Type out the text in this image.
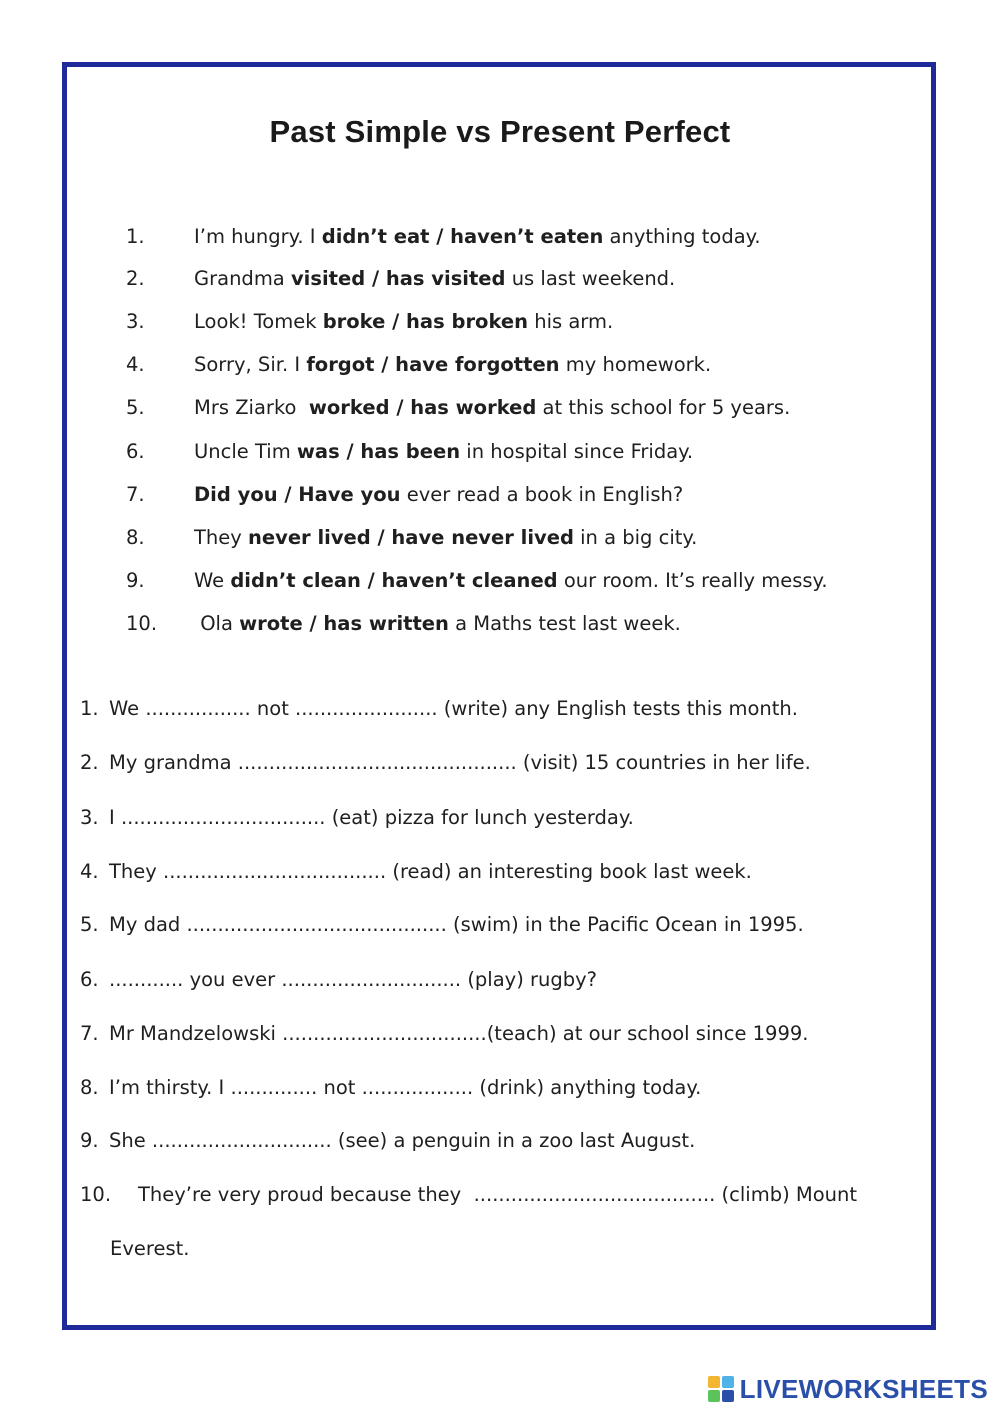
Past Simple vs Present Perfect
1.	I’m hungry. I didn’t eat / haven’t eaten anything today.
2.	Grandma visited / has visited us last weekend.
3.	Look! Tomek broke / has broken his arm.
4.	Sorry, Sir. I forgot / have forgotten my homework.
5.	Mrs Ziarko  worked / has worked at this school for 5 years.
6.	Uncle Tim was / has been in hospital since Friday.
7.	Did you / Have you ever read a book in English?
8.	They never lived / have never lived in a big city.
9.	We didn’t clean / haven’t cleaned our room. It’s really messy.
10. Ola wrote / has written a Maths test last week.
1. We ................. not ....................... (write) any English tests this month.
2. My grandma ............................................. (visit) 15 countries in her life.
3. I ................................. (eat) pizza for lunch yesterday.
4. They .................................... (read) an interesting book last week.
5. My dad .......................................... (swim) in the Pacific Ocean in 1995.
6. ............ you ever ............................. (play) rugby?
7. Mr Mandzelowski .................................(teach) at our school since 1999.
8. I’m thirsty. I .............. not .................. (drink) anything today.
9. She ............................. (see) a penguin in a zoo last August.
10. They’re very proud because they  ....................................... (climb) Mount
Everest.
LIVEWORKSHEETS
